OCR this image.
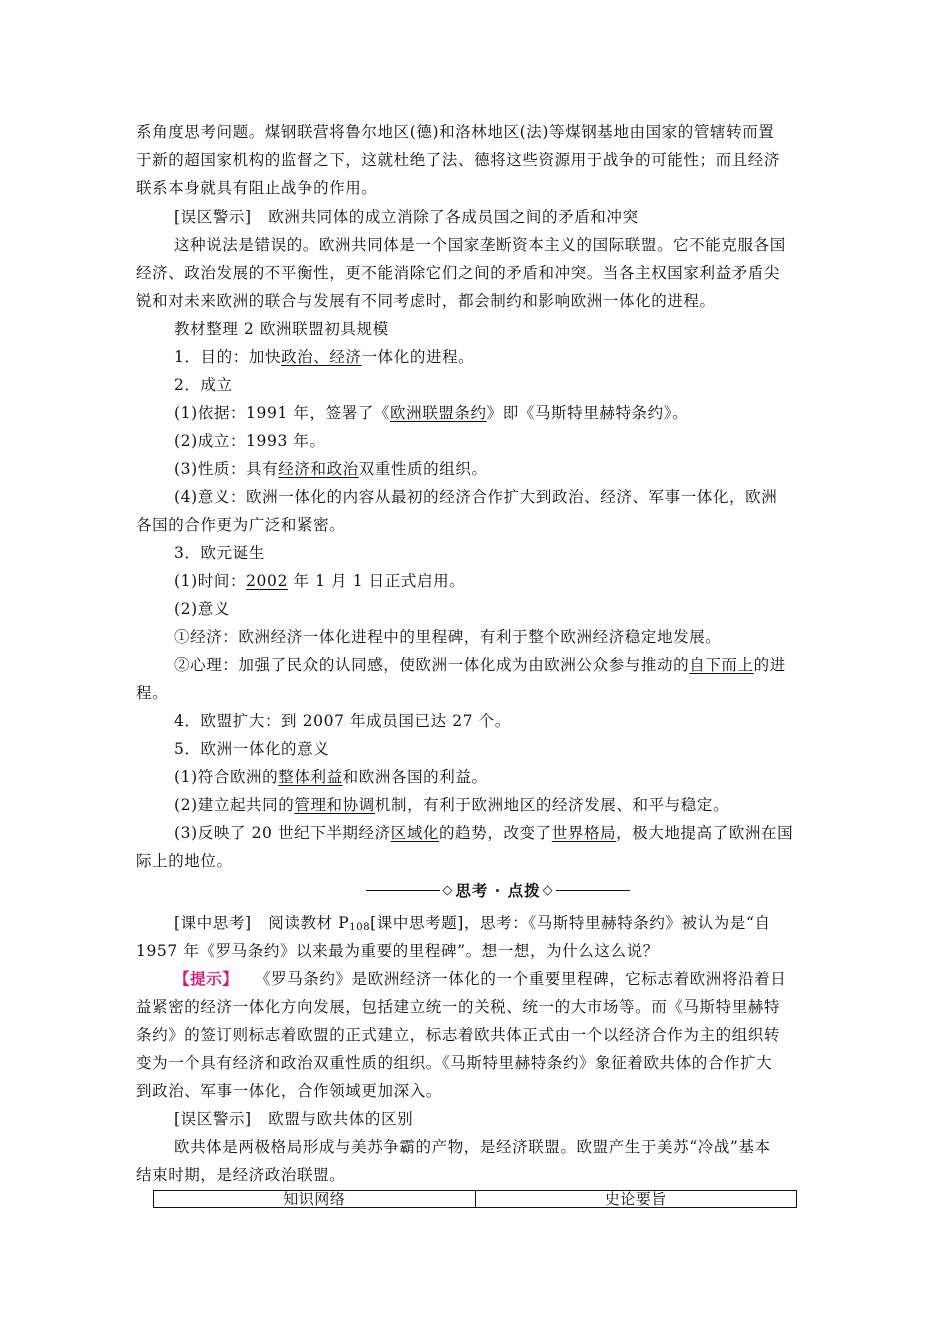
系角度思考问题。煤钢联营将鲁尔地区(德)和洛林地区(法)等煤钢基地由国家的管辖转而置
于新的超国家机构的监督之下，这就杜绝了法、德将这些资源用于战争的可能性；而且经济
联系本身就具有阻止战争的作用。
[误区警示] 欧洲共同体的成立消除了各成员国之间的矛盾和冲突
这种说法是错误的。欧洲共同体是一个国家垄断资本主义的国际联盟。它不能克服各国
经济、政治发展的不平衡性，更不能消除它们之间的矛盾和冲突。当各主权国家利益矛盾尖
锐和对未来欧洲的联合与发展有不同考虑时，都会制约和影响欧洲一体化的进程。
教材整理 2 欧洲联盟初具规模
1．目的：加快政治、经济一体化的进程。
2．成立
(1)依据：1991 年，签署了《欧洲联盟条约》即《马斯特里赫特条约》。
(2)成立：1993 年。
(3)性质：具有经济和政治双重性质的组织。
(4)意义：欧洲一体化的内容从最初的经济合作扩大到政治、经济、军事一体化，欧洲
各国的合作更为广泛和紧密。
3．欧元诞生
(1)时间：2002 年 1 月 1 日正式启用。
(2)意义
①经济：欧洲经济一体化进程中的里程碑，有利于整个欧洲经济稳定地发展。
②心理：加强了民众的认同感，使欧洲一体化成为由欧洲公众参与推动的自下而上的进
程。
4．欧盟扩大：到 2007 年成员国已达 27 个。
5．欧洲一体化的意义
(1)符合欧洲的整体利益和欧洲各国的利益。
(2)建立起共同的管理和协调机制，有利于欧洲地区的经济发展、和平与稳定。
(3)反映了 20 世纪下半期经济区域化的趋势，改变了世界格局，极大地提高了欧洲在国
际上的地位。
◇ 思考 · 点拨 ◇
[课中思考] 阅读教材 $P_{108}$[课中思考题]，思考：《马斯特里赫特条约》被认为是“自
1957 年《罗马条约》以来最为重要的里程碑”。想一想，为什么这么说？
【提示】 《罗马条约》是欧洲经济一体化的一个重要里程碑，它标志着欧洲将沿着日
益紧密的经济一体化方向发展，包括建立统一的关税、统一的大市场等。而《马斯特里赫特
条约》的签订则标志着欧盟的正式建立，标志着欧共体正式由一个以经济合作为主的组织转
变为一个具有经济和政治双重性质的组织。《马斯特里赫特条约》象征着欧共体的合作扩大
到政治、军事一体化，合作领域更加深入。
[误区警示] 欧盟与欧共体的区别
欧共体是两极格局形成与美苏争霸的产物，是经济联盟。欧盟产生于美苏“冷战”基本
结束时期，是经济政治联盟。
知识网络	史论要旨
